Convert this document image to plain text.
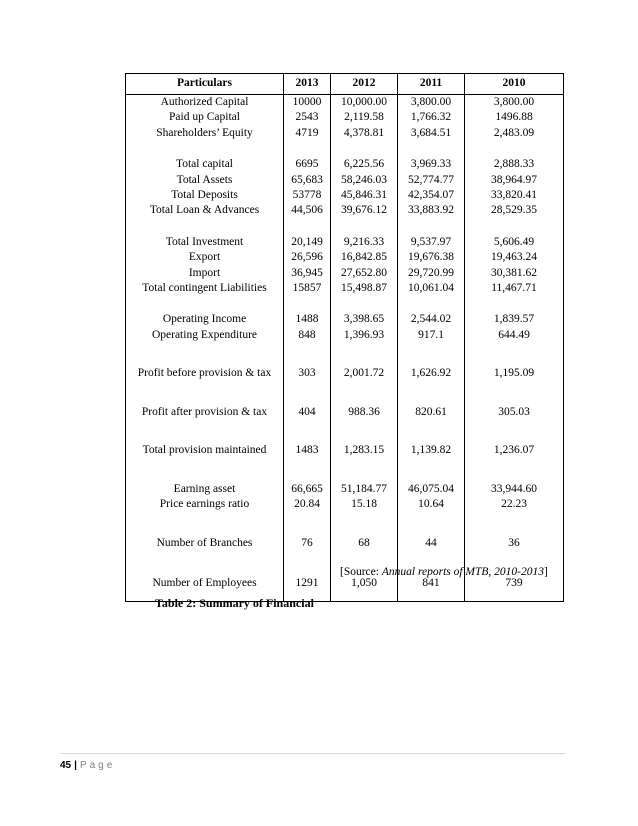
Particulars	2013	2012	2011	2010
Authorized Capital	10000	10,000.00	3,800.00	3,800.00
Paid up Capital	2543	2,119.58	1,766.32	1496.88
Shareholders’ Equity	4719	4,378.81	3,684.51	2,483.09

Total capital	6695	6,225.56	3,969.33	2,888.33
Total Assets	65,683	58,246.03	52,774.77	38,964.97
Total Deposits	53778	45,846.31	42,354.07	33,820.41
Total Loan & Advances	44,506	39,676.12	33,883.92	28,529.35

Total Investment	20,149	9,216.33	9,537.97	5,606.49
Export	26,596	16,842.85	19,676.38	19,463.24
Import	36,945	27,652.80	29,720.99	30,381.62
Total contingent Liabilities	15857	15,498.87	10,061.04	11,467.71

Operating Income	1488	3,398.65	2,544.02	1,839.57
Operating Expenditure	848	1,396.93	917.1	644.49

Profit before provision & tax	303	2,001.72	1,626.92	1,195.09

Profit after provision & tax	404	988.36	820.61	305.03

Total provision maintained	1483	1,283.15	1,139.82	1,236.07

Earning asset	66,665	51,184.77	46,075.04	33,944.60
Price earnings ratio	20.84	15.18	10.64	22.23

Number of Branches	76	68	44	36

Number of Employees	1291	1,050	841	739

[Source: Annual reports of MTB, 2010-2013]
Table 2: Summary of Financial
45 | Page
